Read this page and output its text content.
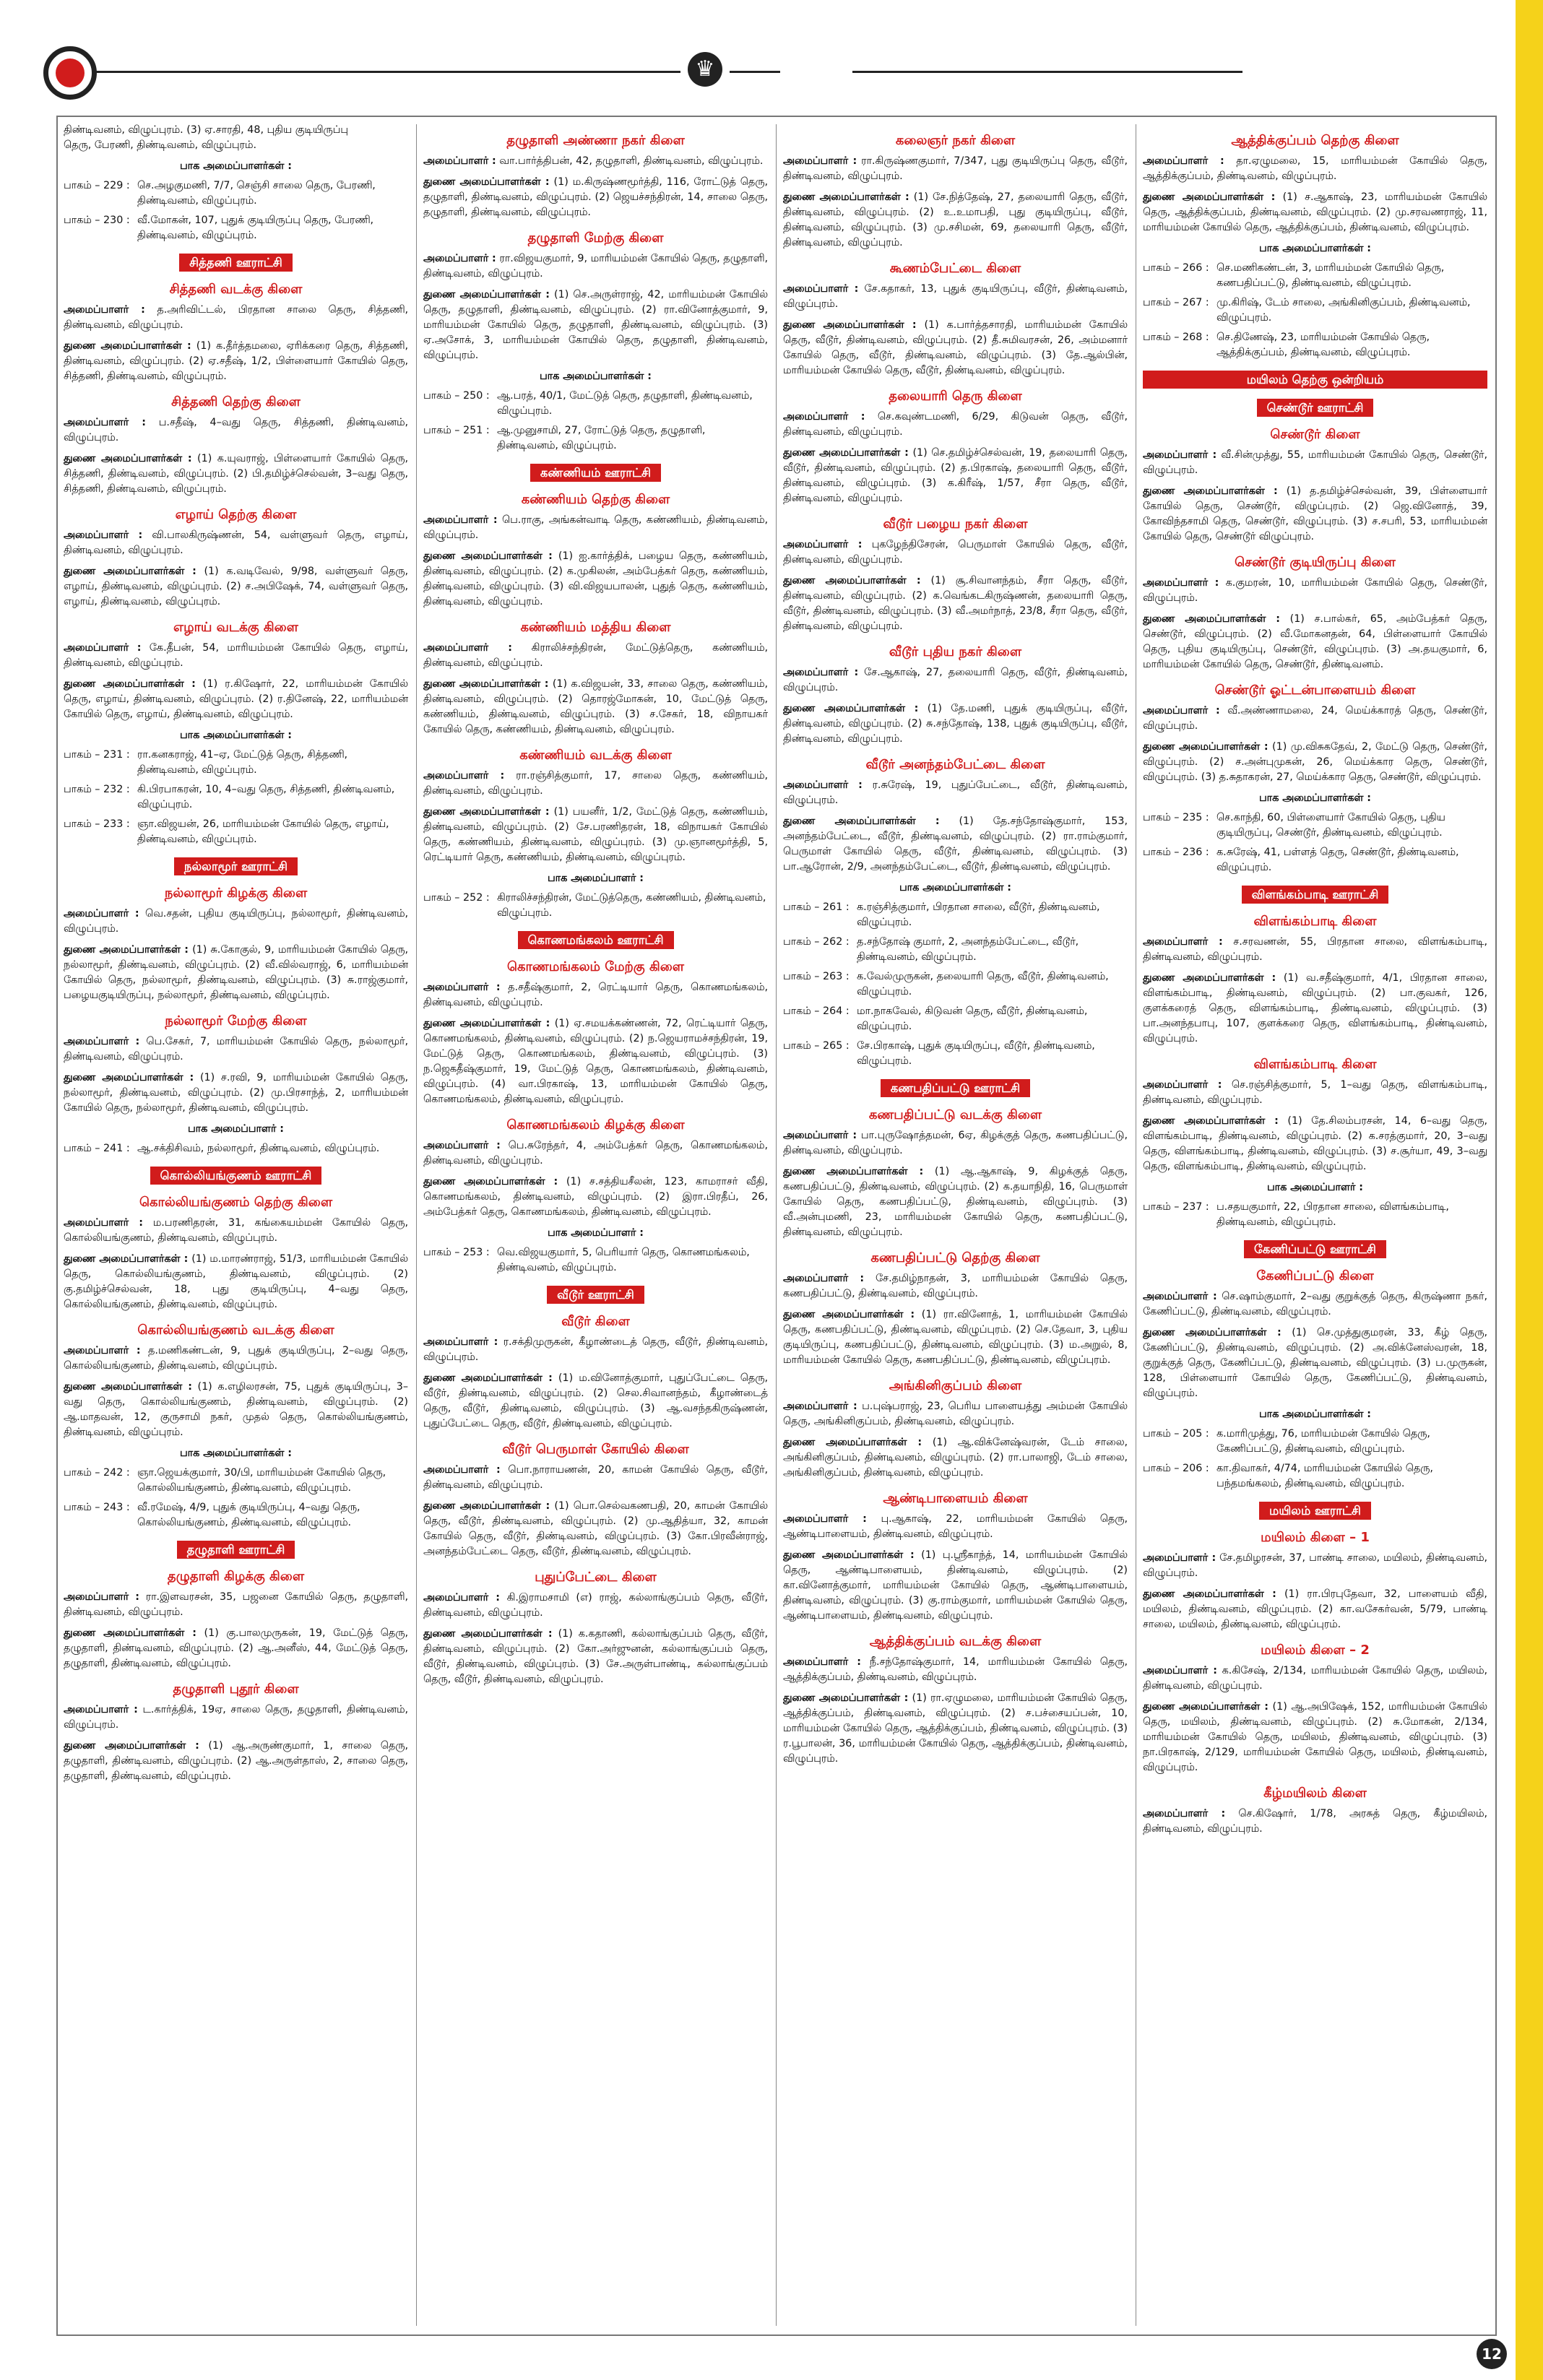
♛
திண்டிவனம், விழுப்புரம். (3) ஏ.சாரதி, 48, புதிய குடியிருப்பு
தெரு, பேரணி, திண்டிவனம், விழுப்புரம்.
பாக அமைப்பாளர்கள் :
பாகம் – 229 : செ.அழகுமணி, 7/7, செஞ்சி சாலை தெரு, பேரணி, திண்டிவனம், விழுப்புரம்.
பாகம் – 230 : வீ.மோகன், 107, புதுக் குடியிருப்பு தெரு, பேரணி, திண்டிவனம், விழுப்புரம்.
சித்தணி ஊராட்சி
சித்தணி வடக்கு கிளை
அமைப்பாளர் : த.அரிவிட்டல், பிரதான சாலை தெரு, சித்தணி, திண்டிவனம், விழுப்புரம்.
துணை அமைப்பாளர்கள் : (1) க.தீர்த்தமலை, ஏரிக்கரை தெரு, சித்தணி, திண்டிவனம், விழுப்புரம். (2) ஏ.சதீஷ், 1/2, பிள்ளையார் கோயில் தெரு, சித்தணி, திண்டிவனம், விழுப்புரம்.
சித்தணி தெற்கு கிளை
அமைப்பாளர் : ப.சதீஷ், 4–வது தெரு, சித்தணி, திண்டிவனம், விழுப்புரம்.
துணை அமைப்பாளர்கள் : (1) க.யுவராஜ், பிள்ளையார் கோயில் தெரு, சித்தணி, திண்டிவனம், விழுப்புரம். (2) பி.தமிழ்ச்செல்வன், 3–வது தெரு, சித்தணி, திண்டிவனம், விழுப்புரம்.
எழாய் தெற்கு கிளை
அமைப்பாளர் : வி.பாலகிருஷ்ணன், 54, வள்ளுவர் தெரு, எழாய், திண்டிவனம், விழுப்புரம்.
துணை அமைப்பாளர்கள் : (1) க.வடிவேல், 9/98, வள்ளுவர் தெரு, எழாய், திண்டிவனம், விழுப்புரம். (2) ச.அபிஷேக், 74, வள்ளுவர் தெரு, எழாய், திண்டிவனம், விழுப்புரம்.
எழாய் வடக்கு கிளை
அமைப்பாளர் : கே.தீபன், 54, மாரியம்மன் கோயில் தெரு, எழாய், திண்டிவனம், விழுப்புரம்.
துணை அமைப்பாளர்கள் : (1) ர.கிஷோர், 22, மாரியம்மன் கோயில் தெரு, எழாய், திண்டிவனம், விழுப்புரம். (2) ர.தினேஷ், 22, மாரியம்மன் கோயில் தெரு, எழாய், திண்டிவனம், விழுப்புரம்.
பாக அமைப்பாளர்கள் :
பாகம் – 231 : ரா.கனகராஜ், 41–ஏ, மேட்டுத் தெரு, சித்தணி, திண்டிவனம், விழுப்புரம்.
பாகம் – 232 : கி.பிரபாகரன், 10, 4–வது தெரு, சித்தணி, திண்டிவனம், விழுப்புரம்.
பாகம் – 233 : ஞா.விஜயன், 26, மாரியம்மன் கோயில் தெரு, எழாய், திண்டிவனம், விழுப்புரம்.
நல்லாமூர் ஊராட்சி
நல்லாமூர் கிழக்கு கிளை
அமைப்பாளர் : வெ.சதன், புதிய குடியிருப்பு, நல்லாமூர், திண்டிவனம், விழுப்புரம்.
துணை அமைப்பாளர்கள் : (1) சு.கோகுல், 9, மாரியம்மன் கோயில் தெரு, நல்லாமூர், திண்டிவனம், விழுப்புரம். (2) வீ.வில்வராஜ், 6, மாரியம்மன் கோயில் தெரு, நல்லாமூர், திண்டிவனம், விழுப்புரம். (3) சு.ராஜ்குமார், பழையகுடியிருப்பு, நல்லாமூர், திண்டிவனம், விழுப்புரம்.
நல்லாமூர் மேற்கு கிளை
அமைப்பாளர் : பெ.சேகர், 7, மாரியம்மன் கோயில் தெரு, நல்லாமூர், திண்டிவனம், விழுப்புரம்.
துணை அமைப்பாளர்கள் : (1) ச.ரவி, 9, மாரியம்மன் கோயில் தெரு, நல்லாமூர், திண்டிவனம், விழுப்புரம். (2) மு.பிரசாந்த், 2, மாரியம்மன் கோயில் தெரு, நல்லாமூர், திண்டிவனம், விழுப்புரம்.
பாக அமைப்பாளர் :
பாகம் – 241 : ஆ.சக்திசிவம், நல்லாமூர், திண்டிவனம், விழுப்புரம்.
கொல்லியங்குணம் ஊராட்சி
கொல்லியங்குணம் தெற்கு கிளை
அமைப்பாளர் : ம.பரணிதரன், 31, கங்கையம்மன் கோயில் தெரு, கொல்லியங்குணம், திண்டிவனம், விழுப்புரம்.
துணை அமைப்பாளர்கள் : (1) ம.மாரண்ராஜ், 51/3, மாரியம்மன் கோயில் தெரு, கொல்லியங்குணம், திண்டிவனம், விழுப்புரம். (2) கு.தமிழ்ச்செல்வன், 18, புது குடியிருப்பு, 4–வது தெரு, கொல்லியங்குணம், திண்டிவனம், விழுப்புரம்.
கொல்லியங்குணம் வடக்கு கிளை
அமைப்பாளர் : த.மணிகண்டன், 9, புதுக் குடியிருப்பு, 2–வது தெரு, கொல்லியங்குணம், திண்டிவனம், விழுப்புரம்.
துணை அமைப்பாளர்கள் : (1) க.எழிலரசன், 75, புதுக் குடியிருப்பு, 3–வது தெரு, கொல்லியங்குணம், திண்டிவனம், விழுப்புரம். (2) ஆ.மாதவன், 12, குருசாமி நகர், முதல் தெரு, கொல்லியங்குணம், திண்டிவனம், விழுப்புரம்.
பாக அமைப்பாளர்கள் :
பாகம் – 242 : ஞா.ஜெயக்குமார், 30/பி, மாரியம்மன் கோயில் தெரு, கொல்லியங்குணம், திண்டிவனம், விழுப்புரம்.
பாகம் – 243 : வீ.ரமேஷ், 4/9, புதுக் குடியிருப்பு, 4–வது தெரு, கொல்லியங்குணம், திண்டிவனம், விழுப்புரம்.
தழுதாளி ஊராட்சி
தழுதாளி கிழக்கு கிளை
அமைப்பாளர் : ரா.இளவரசன், 35, பஜனை கோயில் தெரு, தழுதாளி, திண்டிவனம், விழுப்புரம்.
துணை அமைப்பாளர்கள் : (1) கு.பாலமுருகன், 19, மேட்டுத் தெரு, தழுதாளி, திண்டிவனம், விழுப்புரம். (2) ஆ.அனீஸ், 44, மேட்டுத் தெரு, தழுதாளி, திண்டிவனம், விழுப்புரம்.
தழுதாளி புதூர் கிளை
அமைப்பாளர் : ட.கார்த்திக், 19ஏ, சாலை தெரு, தழுதாளி, திண்டிவனம், விழுப்புரம்.
துணை அமைப்பாளர்கள் : (1) ஆ.அருண்குமார், 1, சாலை தெரு, தழுதாளி, திண்டிவனம், விழுப்புரம். (2) ஆ.அருள்தாஸ், 2, சாலை தெரு, தழுதாளி, திண்டிவனம், விழுப்புரம்.
தழுதாளி அண்ணா நகர் கிளை
அமைப்பாளர் : வா.பார்த்திபன், 42, தழுதாளி, திண்டிவனம், விழுப்புரம்.
துணை அமைப்பாளர்கள் : (1) ம.கிருஷ்ணமூர்த்தி, 116, ரோட்டுத் தெரு, தழுதாளி, திண்டிவனம், விழுப்புரம். (2) ஜெயச்சந்திரன், 14, சாலை தெரு, தழுதாளி, திண்டிவனம், விழுப்புரம்.
தழுதாளி மேற்கு கிளை
அமைப்பாளர் : ரா.விஜயகுமார், 9, மாரியம்மன் கோயில் தெரு, தழுதாளி, திண்டிவனம், விழுப்புரம்.
துணை அமைப்பாளர்கள் : (1) செ.அருள்ராஜ், 42, மாரியம்மன் கோயில் தெரு, தழுதாளி, திண்டிவனம், விழுப்புரம். (2) ரா.வினோத்குமார், 9, மாரியம்மன் கோயில் தெரு, தழுதாளி, திண்டிவனம், விழுப்புரம். (3) ஏ.அசோக், 3, மாரியம்மன் கோயில் தெரு, தழுதாளி, திண்டிவனம், விழுப்புரம்.
பாக அமைப்பாளர்கள் :
பாகம் – 250 : ஆ.பரத், 40/1, மேட்டுத் தெரு, தழுதாளி, திண்டிவனம், விழுப்புரம்.
பாகம் – 251 : ஆ.முனுசாமி, 27, ரோட்டுத் தெரு, தழுதாளி, திண்டிவனம், விழுப்புரம்.
கண்ணியம் ஊராட்சி
கண்ணியம் தெற்கு கிளை
அமைப்பாளர் : பெ.ராகு, அங்கன்வாடி தெரு, கண்ணியம், திண்டிவனம், விழுப்புரம்.
துணை அமைப்பாளர்கள் : (1) ஐ.கார்த்திக், பழைய தெரு, கண்ணியம், திண்டிவனம், விழுப்புரம். (2) க.முகிலன், அம்பேத்கர் தெரு, கண்ணியம், திண்டிவனம், விழுப்புரம். (3) வி.விஜயபாலன், புதுத் தெரு, கண்ணியம், திண்டிவனம், விழுப்புரம்.
கண்ணியம் மத்திய கிளை
அமைப்பாளர் : கிராலிச்சந்திரன், மேட்டுத்தெரு, கண்ணியம், திண்டிவனம், விழுப்புரம்.
துணை அமைப்பாளர்கள் : (1) க.விஜயன், 33, சாலை தெரு, கண்ணியம், திண்டிவனம், விழுப்புரம். (2) தொரஜ்மோகன், 10, மேட்டுத் தெரு, கண்ணியம், திண்டிவனம், விழுப்புரம். (3) ச.சேகர், 18, விநாயகர் கோயில் தெரு, கண்ணியம், திண்டிவனம், விழுப்புரம்.
கண்ணியம் வடக்கு கிளை
அமைப்பாளர் : ரா.ரஞ்சித்குமார், 17, சாலை தெரு, கண்ணியம், திண்டிவனம், விழுப்புரம்.
துணை அமைப்பாளர்கள் : (1) பயனீர், 1/2, மேட்டுத் தெரு, கண்ணியம், திண்டிவனம், விழுப்புரம். (2) சே.பரணிதரன், 18, விநாயகர் கோயில் தெரு, கண்ணியம், திண்டிவனம், விழுப்புரம். (3) மு.ஞானமூர்த்தி, 5, ரெட்டியார் தெரு, கண்ணியம், திண்டிவனம், விழுப்புரம்.
பாக அமைப்பாளர் :
பாகம் – 252 : கிராலிச்சந்திரன், மேட்டுத்தெரு, கண்ணியம், திண்டிவனம், விழுப்புரம்.
கொணமங்கலம் ஊராட்சி
கொணமங்கலம் மேற்கு கிளை
அமைப்பாளர் : த.சதீஷ்குமார், 2, ரெட்டியார் தெரு, கொணமங்கலம், திண்டிவனம், விழுப்புரம்.
துணை அமைப்பாளர்கள் : (1) ஏ.சமயக்கண்ணன், 72, ரெட்டியார் தெரு, கொணமங்கலம், திண்டிவனம், விழுப்புரம். (2) ந.ஜெயராமச்சந்திரன், 19, மேட்டுத் தெரு, கொணமங்கலம், திண்டிவனம், விழுப்புரம். (3) ந.ஜெகதீஷ்குமார், 19, மேட்டுத் தெரு, கொணமங்கலம், திண்டிவனம், விழுப்புரம். (4) வா.பிரகாஷ், 13, மாரியம்மன் கோயில் தெரு, கொணமங்கலம், திண்டிவனம், விழுப்புரம்.
கொணமங்கலம் கிழக்கு கிளை
அமைப்பாளர் : பெ.சுரேந்தர், 4, அம்பேத்கர் தெரு, கொணமங்கலம், திண்டிவனம், விழுப்புரம்.
துணை அமைப்பாளர்கள் : (1) ச.சத்தியசீலன், 123, காமராசர் வீதி, கொணமங்கலம், திண்டிவனம், விழுப்புரம். (2) இரா.பிரதீப், 26, அம்பேத்கர் தெரு, கொணமங்கலம், திண்டிவனம், விழுப்புரம்.
பாக அமைப்பாளர் :
பாகம் – 253 : வெ.விஜயகுமார், 5, பெரியார் தெரு, கொணமங்கலம், திண்டிவனம், விழுப்புரம்.
வீடூர் ஊராட்சி
வீடூர் கிளை
அமைப்பாளர் : ர.சக்திமுருகன், கீழாண்டைத் தெரு, வீடூர், திண்டிவனம், விழுப்புரம்.
துணை அமைப்பாளர்கள் : (1) ம.வினோத்குமார், புதுப்பேட்டை தெரு, வீடூர், திண்டிவனம், விழுப்புரம். (2) செல.சிவானந்தம், கீழாண்டைத் தெரு, வீடூர், திண்டிவனம், விழுப்புரம். (3) ஆ.வசந்தகிருஷ்ணன், புதுப்பேட்டை தெரு, வீடூர், திண்டிவனம், விழுப்புரம்.
வீடூர் பெருமாள் கோயில் கிளை
அமைப்பாளர் : பொ.நாராயணன், 20, காமன் கோயில் தெரு, வீடூர், திண்டிவனம், விழுப்புரம்.
துணை அமைப்பாளர்கள் : (1) பொ.செல்வகணபதி, 20, காமன் கோயில் தெரு, வீடூர், திண்டிவனம், விழுப்புரம். (2) மு.ஆதித்யா, 32, காமன் கோயில் தெரு, வீடூர், திண்டிவனம், விழுப்புரம். (3) கோ.பிரவீன்ராஜ், அனந்தம்பேட்டை தெரு, வீடூர், திண்டிவனம், விழுப்புரம்.
புதுப்பேட்டை கிளை
அமைப்பாளர் : கி.இராமசாமி (எ) ராஜ், கல்லாங்குப்பம் தெரு, வீடூர், திண்டிவனம், விழுப்புரம்.
துணை அமைப்பாளர்கள் : (1) க.கதாணி, கல்லாங்குப்பம் தெரு, வீடூர், திண்டிவனம், விழுப்புரம். (2) கோ.அர்ஜுனன், கல்லாங்குப்பம் தெரு, வீடூர், திண்டிவனம், விழுப்புரம். (3) சே.அருள்பாண்டி, கல்லாங்குப்பம் தெரு, வீடூர், திண்டிவனம், விழுப்புரம்.
கலைஞர் நகர் கிளை
அமைப்பாளர் : ரா.கிருஷ்ணகுமார், 7/347, புது குடியிருப்பு தெரு, வீடூர், திண்டிவனம், விழுப்புரம்.
துணை அமைப்பாளர்கள் : (1) சே.நித்தேஷ், 27, தலையாரி தெரு, வீடூர், திண்டிவனம், விழுப்புரம். (2) உ.உமாபதி, புது குடியிருப்பு, வீடூர், திண்டிவனம், விழுப்புரம். (3) மு.சசிமன், 69, தலையாரி தெரு, வீடூர், திண்டிவனம், விழுப்புரம்.
கூணம்பேட்டை கிளை
அமைப்பாளர் : சே.கதாகர், 13, புதுக் குடியிருப்பு, வீடூர், திண்டிவனம், விழுப்புரம்.
துணை அமைப்பாளர்கள் : (1) க.பார்த்தசாரதி, மாரியம்மன் கோயில் தெரு, வீடூர், திண்டிவனம், விழுப்புரம். (2) தீ.சுமிவரசன், 26, அம்மனார் கோயில் தெரு, வீடூர், திண்டிவனம், விழுப்புரம். (3) தே.ஆல்பின், மாரியம்மன் கோயில் தெரு, வீடூர், திண்டிவனம், விழுப்புரம்.
தலையாரி தெரு கிளை
அமைப்பாளர் : செ.கவுண்டமணி, 6/29, கிடுவன் தெரு, வீடூர், திண்டிவனம், விழுப்புரம்.
துணை அமைப்பாளர்கள் : (1) செ.தமிழ்ச்செல்வன், 19, தலையாரி தெரு, வீடூர், திண்டிவனம், விழுப்புரம். (2) த.பிரகாஷ், தலையாரி தெரு, வீடூர், திண்டிவனம், விழுப்புரம். (3) க.கிரீஷ், 1/57, சீரா தெரு, வீடூர், திண்டிவனம், விழுப்புரம்.
வீடூர் பழைய நகர் கிளை
அமைப்பாளர் : புகழேந்திசேரன், பெருமாள் கோயில் தெரு, வீடூர், திண்டிவனம், விழுப்புரம்.
துணை அமைப்பாளர்கள் : (1) சூ.சிவானந்தம், சீரா தெரு, வீடூர், திண்டிவனம், விழுப்புரம். (2) க.வெங்கடகிருஷ்ணன், தலையாரி தெரு, வீடூர், திண்டிவனம், விழுப்புரம். (3) வீ.அமர்நாத், 23/8, சீரா தெரு, வீடூர், திண்டிவனம், விழுப்புரம்.
வீடூர் புதிய நகர் கிளை
அமைப்பாளர் : சே.ஆகாஷ், 27, தலையாரி தெரு, வீடூர், திண்டிவனம், விழுப்புரம்.
துணை அமைப்பாளர்கள் : (1) தே.மணி, புதுக் குடியிருப்பு, வீடூர், திண்டிவனம், விழுப்புரம். (2) சு.சந்தோஷ், 138, புதுக் குடியிருப்பு, வீடூர், திண்டிவனம், விழுப்புரம்.
வீடூர் அனந்தம்பேட்டை கிளை
அமைப்பாளர் : ர.சுரேஷ், 19, புதுப்பேட்டை, வீடூர், திண்டிவனம், விழுப்புரம்.
துணை அமைப்பாளர்கள் : (1) தே.சந்தோஷ்குமார், 153, அனந்தம்பேட்டை, வீடூர், திண்டிவனம், விழுப்புரம். (2) ரா.ராம்குமார், பெருமாள் கோயில் தெரு, வீடூர், திண்டிவனம், விழுப்புரம். (3) பா.ஆரோன், 2/9, அனந்தம்பேட்டை, வீடூர், திண்டிவனம், விழுப்புரம்.
பாக அமைப்பாளர்கள் :
பாகம் – 261 : க.ரஞ்சித்குமார், பிரதான சாலை, வீடூர், திண்டிவனம், விழுப்புரம்.
பாகம் – 262 : த.சந்தோஷ் குமார், 2, அனந்தம்பேட்டை, வீடூர், திண்டிவனம், விழுப்புரம்.
பாகம் – 263 : க.வேல்முருகன், தலையாரி தெரு, வீடூர், திண்டிவனம், விழுப்புரம்.
பாகம் – 264 : மா.நாகவேல், கிடுவன் தெரு, வீடூர், திண்டிவனம், விழுப்புரம்.
பாகம் – 265 : சே.பிரகாஷ், புதுக் குடியிருப்பு, வீடூர், திண்டிவனம், விழுப்புரம்.
கணபதிப்பட்டு ஊராட்சி
கணபதிப்பட்டு வடக்கு கிளை
அமைப்பாளர் : பா.புருஷோத்தமன், 6ஏ, கிழக்குத் தெரு, கணபதிப்பட்டு, திண்டிவனம், விழுப்புரம்.
துணை அமைப்பாளர்கள் : (1) ஆ.ஆகாஷ், 9, கிழக்குத் தெரு, கணபதிப்பட்டு, திண்டிவனம், விழுப்புரம். (2) க.தயாநிதி, 16, பெருமாள் கோயில் தெரு, கணபதிப்பட்டு, திண்டிவனம், விழுப்புரம். (3) வீ.அன்புமணி, 23, மாரியம்மன் கோயில் தெரு, கணபதிப்பட்டு, திண்டிவனம், விழுப்புரம்.
கணபதிப்பட்டு தெற்கு கிளை
அமைப்பாளர் : சே.தமிழ்நாதன், 3, மாரியம்மன் கோயில் தெரு, கணபதிப்பட்டு, திண்டிவனம், விழுப்புரம்.
துணை அமைப்பாளர்கள் : (1) ரா.வினோத், 1, மாரியம்மன் கோயில் தெரு, கணபதிப்பட்டு, திண்டிவனம், விழுப்புரம். (2) செ.தேவா, 3, புதிய குடியிருப்பு, கணபதிப்பட்டு, திண்டிவனம், விழுப்புரம். (3) ம.அறுல், 8, மாரியம்மன் கோயில் தெரு, கணபதிப்பட்டு, திண்டிவனம், விழுப்புரம்.
அங்கினிகுப்பம் கிளை
அமைப்பாளர் : ப.புஷ்பராஜ், 23, பெரிய பாளையத்து அம்மன் கோயில் தெரு, அங்கினிகுப்பம், திண்டிவனம், விழுப்புரம்.
துணை அமைப்பாளர்கள் : (1) ஆ.விக்னேஷ்வரன், டேம் சாலை, அங்கினிகுப்பம், திண்டிவனம், விழுப்புரம். (2) ரா.பாலாஜி, டேம் சாலை, அங்கினிகுப்பம், திண்டிவனம், விழுப்புரம்.
ஆண்டிபாளையம் கிளை
அமைப்பாளர் : பு.ஆகாஷ், 22, மாரியம்மன் கோயில் தெரு, ஆண்டிபாளையம், திண்டிவனம், விழுப்புரம்.
துணை அமைப்பாளர்கள் : (1) பு.ஸ்ரீகாந்த், 14, மாரியம்மன் கோயில் தெரு, ஆண்டிபாளையம், திண்டிவனம், விழுப்புரம். (2) கா.வினோத்குமார், மாரியம்மன் கோயில் தெரு, ஆண்டிபாளையம், திண்டிவனம், விழுப்புரம். (3) கு.ராம்குமார், மாரியம்மன் கோயில் தெரு, ஆண்டிபாளையம், திண்டிவனம், விழுப்புரம்.
ஆத்திக்குப்பம் வடக்கு கிளை
அமைப்பாளர் : நீ.சந்தோஷ்குமார், 14, மாரியம்மன் கோயில் தெரு, ஆத்திக்குப்பம், திண்டிவனம், விழுப்புரம்.
துணை அமைப்பாளர்கள் : (1) ரா.ஏழுமலை, மாரியம்மன் கோயில் தெரு, ஆத்திக்குப்பம், திண்டிவனம், விழுப்புரம். (2) ச.பச்சையப்பன், 10, மாரியம்மன் கோயில் தெரு, ஆத்திக்குப்பம், திண்டிவனம், விழுப்புரம். (3) ர.பூபாலன், 36, மாரியம்மன் கோயில் தெரு, ஆத்திக்குப்பம், திண்டிவனம், விழுப்புரம்.
ஆத்திக்குப்பம் தெற்கு கிளை
அமைப்பாளர் : தா.ஏழுமலை, 15, மாரியம்மன் கோயில் தெரு, ஆத்திக்குப்பம், திண்டிவனம், விழுப்புரம்.
துணை அமைப்பாளர்கள் : (1) ச.ஆகாஷ், 23, மாரியம்மன் கோயில் தெரு, ஆத்திக்குப்பம், திண்டிவனம், விழுப்புரம். (2) மு.சரவணராஜ், 11, மாரியம்மன் கோயில் தெரு, ஆத்திக்குப்பம், திண்டிவனம், விழுப்புரம்.
பாக அமைப்பாளர்கள் :
பாகம் – 266 : செ.மணிகண்டன், 3, மாரியம்மன் கோயில் தெரு, கணபதிப்பட்டு, திண்டிவனம், விழுப்புரம்.
பாகம் – 267 : மு.கிரிஷ், டேம் சாலை, அங்கினிகுப்பம், திண்டிவனம், விழுப்புரம்.
பாகம் – 268 : செ.திணேஷ், 23, மாரியம்மன் கோயில் தெரு, ஆத்திக்குப்பம், திண்டிவனம், விழுப்புரம்.
மயிலம் தெற்கு ஒன்றியம்
செண்டூர் ஊராட்சி
செண்டூர் கிளை
அமைப்பாளர் : வீ.சின்முத்து, 55, மாரியம்மன் கோயில் தெரு, செண்டூர், விழுப்புரம்.
துணை அமைப்பாளர்கள் : (1) த.தமிழ்ச்செல்வன், 39, பிள்ளையார் கோயில் தெரு, செண்டூர், விழுப்புரம். (2) ஜெ.வினோத், 39, கோவிந்தசாமி தெரு, செண்டூர், விழுப்புரம். (3) ச.சபரி, 53, மாரியம்மன் கோயில் தெரு, செண்டூர் விழுப்புரம்.
செண்டூர் குடியிருப்பு கிளை
அமைப்பாளர் : க.குமரன், 10, மாரியம்மன் கோயில் தெரு, செண்டூர், விழுப்புரம்.
துணை அமைப்பாளர்கள் : (1) ச.பால்கர், 65, அம்பேத்கர் தெரு, செண்டூர், விழுப்புரம். (2) வீ.மோகனதன், 64, பிள்ளையார் கோயில் தெரு, புதிய குடியிருப்பு, செண்டூர், விழுப்புரம். (3) அ.தயகுமார், 6, மாரியம்மன் கோயில் தெரு, செண்டூர், திண்டிவனம்.
செண்டூர் ஓட்டன்பாளையம் கிளை
அமைப்பாளர் : வீ.அண்ணாமலை, 24, மெய்க்காரத் தெரு, செண்டூர், விழுப்புரம்.
துணை அமைப்பாளர்கள் : (1) மு.விசுகதேவ், 2, மேட்டு தெரு, செண்டூர், விழுப்புரம். (2) ச.அன்புமுகன், 26, மெய்க்கார தெரு, செண்டூர், விழுப்புரம். (3) த.சுதாகரன், 27, மெய்க்கார தெரு, செண்டூர், விழுப்புரம்.
பாக அமைப்பாளர்கள் :
பாகம் – 235 : செ.காந்தி, 60, பிள்ளையார் கோயில் தெரு, புதிய குடியிருப்பு, செண்டூர், திண்டிவனம், விழுப்புரம்.
பாகம் – 236 : க.சுரேஷ், 41, பள்ளத் தெரு, செண்டூர், திண்டிவனம், விழுப்புரம்.
விளங்கம்பாடி ஊராட்சி
விளங்கம்பாடி கிளை
அமைப்பாளர் : ச.சரவணன், 55, பிரதான சாலை, விளங்கம்பாடி, திண்டிவனம், விழுப்புரம்.
துணை அமைப்பாளர்கள் : (1) வ.சதீஷ்குமார், 4/1, பிரதான சாலை, விளங்கம்பாடி, திண்டிவனம், விழுப்புரம். (2) பா.குவகர், 126, குளக்கரைத் தெரு, விளங்கம்பாடி, திண்டிவனம், விழுப்புரம். (3) பா.அனந்தபாபு, 107, குளக்கரை தெரு, விளங்கம்பாடி, திண்டிவனம், விழுப்புரம்.
விளங்கம்பாடி கிளை
அமைப்பாளர் : செ.ரஞ்சித்குமார், 5, 1–வது தெரு, விளங்கம்பாடி, திண்டிவனம், விழுப்புரம்.
துணை அமைப்பாளர்கள் : (1) தே.சிலம்பரசன், 14, 6–வது தெரு, விளங்கம்பாடி, திண்டிவனம், விழுப்புரம். (2) க.சரத்குமார், 20, 3–வது தெரு, விளங்கம்பாடி, திண்டிவனம், விழுப்புரம். (3) ச.சூர்யா, 49, 3–வது தெரு, விளங்கம்பாடி, திண்டிவனம், விழுப்புரம்.
பாக அமைப்பாளர் :
பாகம் – 237 : ப.சதயகுமார், 22, பிரதான சாலை, விளங்கம்பாடி, திண்டிவனம், விழுப்புரம்.
கேணிப்பட்டு ஊராட்சி
கேணிப்பட்டு கிளை
அமைப்பாளர் : செ.ஷாம்குமார், 2–வது குறுக்குத் தெரு, கிருஷ்ணா நகர், கேணிப்பட்டு, திண்டிவனம், விழுப்புரம்.
துணை அமைப்பாளர்கள் : (1) செ.முத்துகுமரன், 33, கீழ் தெரு, கேணிப்பட்டு, திண்டிவனம், விழுப்புரம். (2) அ.விக்னேஸ்வரன், 18, குறுக்குத் தெரு, கேணிப்பட்டு, திண்டிவனம், விழுப்புரம். (3) ப.முருகன், 128, பிள்ளையார் கோயில் தெரு, கேணிப்பட்டு, திண்டிவனம், விழுப்புரம்.
பாக அமைப்பாளர்கள் :
பாகம் – 205 : க.மாரிமுத்து, 76, மாரியம்மன் கோயில் தெரு, கேணிப்பட்டு, திண்டிவனம், விழுப்புரம்.
பாகம் – 206 : கா.திவாகர், 4/74, மாரியம்மன் கோயில் தெரு, பந்தமங்கலம், திண்டிவனம், விழுப்புரம்.
மயிலம் ஊராட்சி
மயிலம் கிளை – 1
அமைப்பாளர் : சே.தமிழரசன், 37, பாண்டி சாலை, மயிலம், திண்டிவனம், விழுப்புரம்.
துணை அமைப்பாளர்கள் : (1) ரா.பிரபுதேவா, 32, பாளையம் வீதி, மயிலம், திண்டிவனம், விழுப்புரம். (2) கா.வசேகர்வன், 5/79, பாண்டி சாலை, மயிலம், திண்டிவனம், விழுப்புரம்.
மயிலம் கிளை – 2
அமைப்பாளர் : க.கிசேஷ், 2/134, மாரியம்மன் கோயில் தெரு, மயிலம், திண்டிவனம், விழுப்புரம்.
துணை அமைப்பாளர்கள் : (1) ஆ.அபிஷேக், 152, மாரியம்மன் கோயில் தெரு, மயிலம், திண்டிவனம், விழுப்புரம். (2) சு.மோகன், 2/134, மாரியம்மன் கோயில் தெரு, மயிலம், திண்டிவனம், விழுப்புரம். (3) நா.பிரகாஷ், 2/129, மாரியம்மன் கோயில் தெரு, மயிலம், திண்டிவனம், விழுப்புரம்.
கீழ்மயிலம் கிளை
அமைப்பாளர் : செ.கிஷோர், 1/78, அரசுத் தெரு, கீழ்மயிலம், திண்டிவனம், விழுப்புரம்.
12
